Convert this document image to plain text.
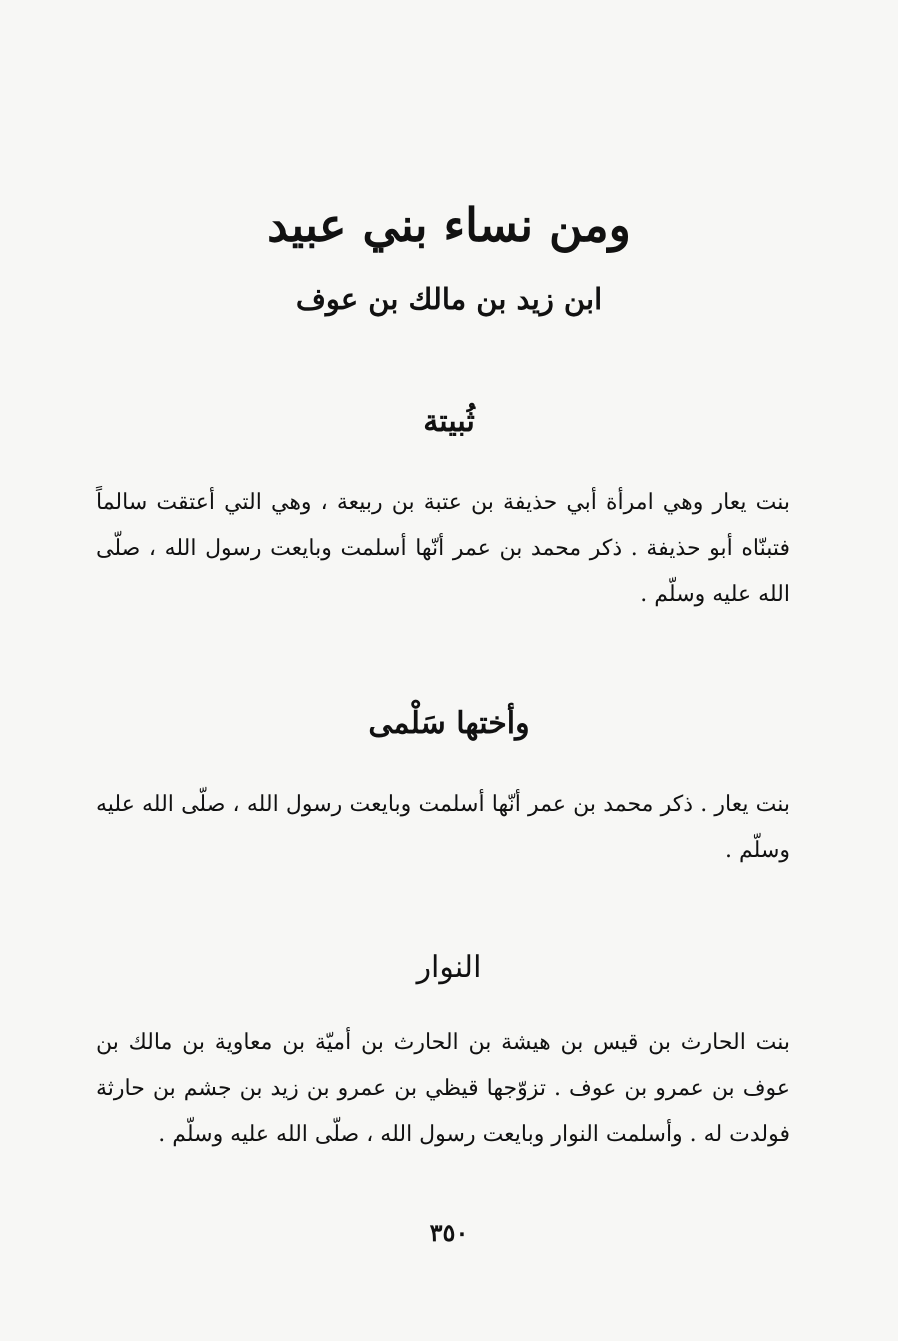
ومن نساء بني عبيد
ابن زيد بن مالك بن عوف
ثُبيتة

بنت يعار وهي امرأة أبي حذيفة بن عتبة بن ربيعة ، وهي التي أعتقت سالماً فتبنّاه أبو حذيفة . ذكر محمد بن عمر أنّها أسلمت وبايعت رسول الله ، صلّى الله عليه وسلّم .

وأختها سَلْمى

بنت يعار . ذكر محمد بن عمر أنّها أسلمت وبايعت رسول الله ، صلّى الله عليه وسلّم .

النوار

بنت الحارث بن قيس بن هيشة بن الحارث بن أميّة بن معاوية بن مالك بن عوف بن عمرو بن عوف . تزوّجها قيظي بن عمرو بن زيد بن جشم بن حارثة فولدت له . وأسلمت النوار وبايعت رسول الله ، صلّى الله عليه وسلّم .

٣٥٠
